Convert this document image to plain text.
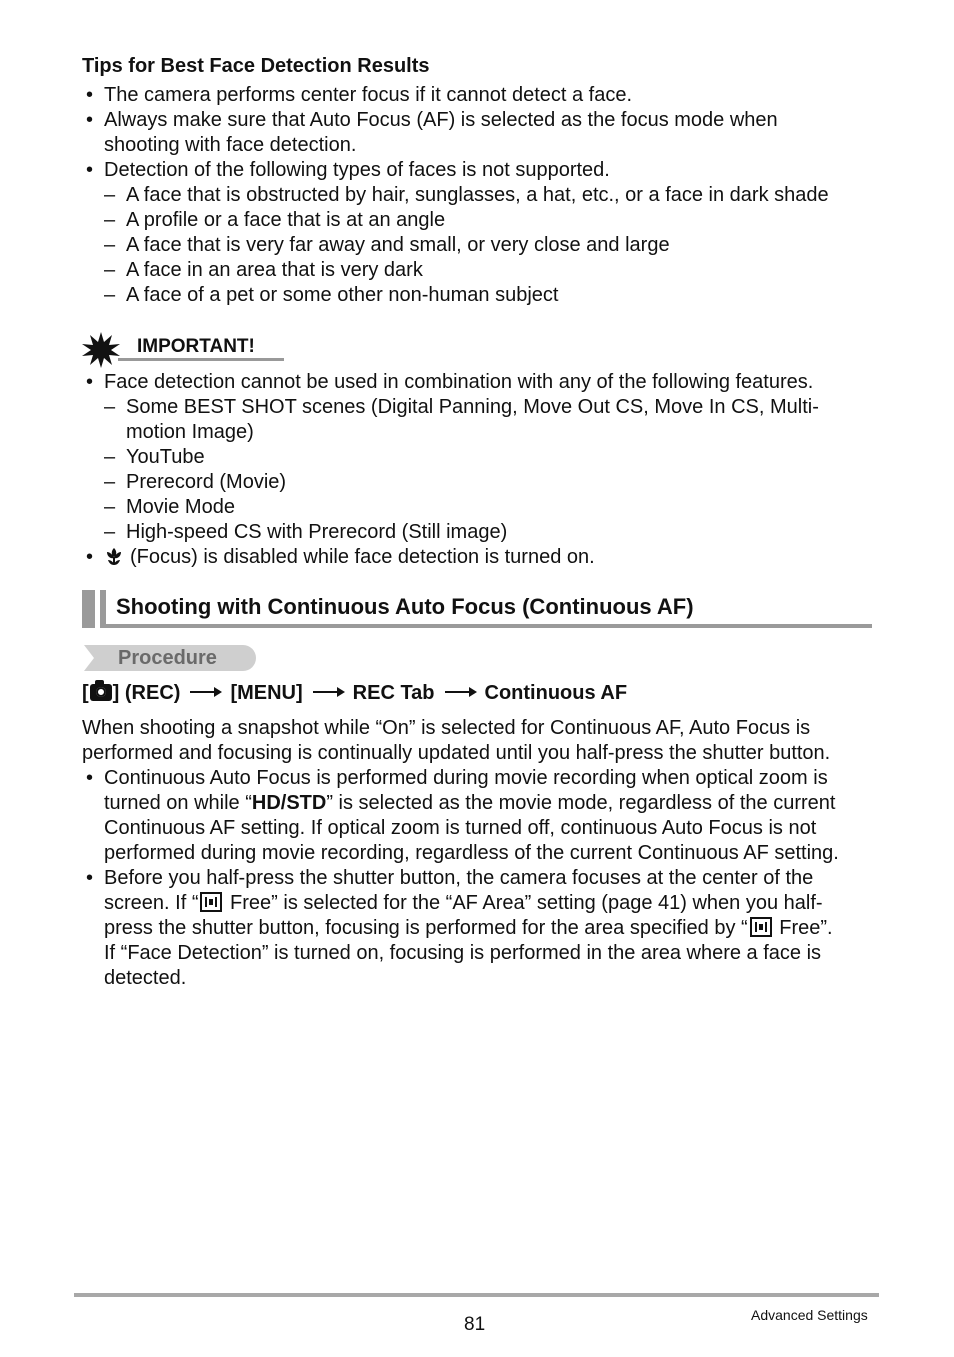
Tips for Best Face Detection Results
• The camera performs center focus if it cannot detect a face.
• Always make sure that Auto Focus (AF) is selected as the focus mode when
shooting with face detection.
• Detection of the following types of faces is not supported.
– A face that is obstructed by hair, sunglasses, a hat, etc., or a face in dark shade
– A profile or a face that is at an angle
– A face that is very far away and small, or very close and large
– A face in an area that is very dark
– A face of a pet or some other non-human subject
IMPORTANT!
• Face detection cannot be used in combination with any of the following features.
– Some BEST SHOT scenes (Digital Panning, Move Out CS, Move In CS, Multi-
motion Image)
– YouTube
– Prerecord (Movie)
– Movie Mode
– High-speed CS with Prerecord (Still image)
•	(Focus) is disabled while face detection is turned on.
Shooting with Continuous Auto Focus (Continuous AF)
Procedure
[ ] (REC)	[MENU]	REC Tab	Continuous AF
When shooting a snapshot while “On” is selected for Continuous AF, Auto Focus is
performed and focusing is continually updated until you half-press the shutter button.
• Continuous Auto Focus is performed during movie recording when optical zoom is
turned on while “HD/STD” is selected as the movie mode, regardless of the current
Continuous AF setting. If optical zoom is turned off, continuous Auto Focus is not
performed during movie recording, regardless of the current Continuous AF setting.
• Before you half-press the shutter button, the camera focuses at the center of the
screen. If “ Free” is selected for the “AF Area” setting (page 41) when you half-
press the shutter button, focusing is performed for the area specified by “ Free”.
If “Face Detection” is turned on, focusing is performed in the area where a face is
detected.
81	Advanced Settings
